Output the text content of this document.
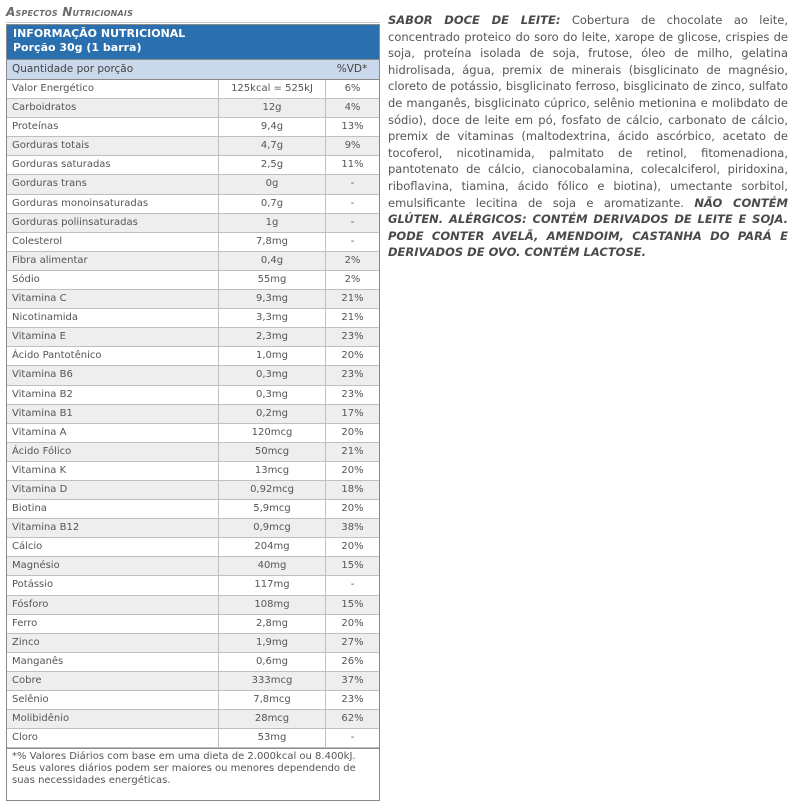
Aspectos Nutricionais
INFORMAÇÃO NUTRICIONAL
Porção 30g (1 barra)
Quantidade por porção	%VD*
Valor Energético	125kcal = 525kJ	6%
Carboidratos	12g	4%
Proteínas	9,4g	13%
Gorduras totais	4,7g	9%
Gorduras saturadas	2,5g	11%
Gorduras trans	0g	-
Gorduras monoinsaturadas	0,7g	-
Gorduras poliinsaturadas	1g	-
Colesterol	7,8mg	-
Fibra alimentar	0,4g	2%
Sódio	55mg	2%
Vitamina C	9,3mg	21%
Nicotinamida	3,3mg	21%
Vitamina E	2,3mg	23%
Ácido Pantotênico	1,0mg	20%
Vitamina B6	0,3mg	23%
Vitamina B2	0,3mg	23%
Vitamina B1	0,2mg	17%
Vitamina A	120mcg	20%
Ácido Fólico	50mcg	21%
Vitamina K	13mcg	20%
Vitamina D	0,92mcg	18%
Biotina	5,9mcg	20%
Vitamina B12	0,9mcg	38%
Cálcio	204mg	20%
Magnésio	40mg	15%
Potássio	117mg	-
Fósforo	108mg	15%
Ferro	2,8mg	20%
Zinco	1,9mg	27%
Manganês	0,6mg	26%
Cobre	333mcg	37%
Selênio	7,8mcg	23%
Molibidênio	28mcg	62%
Cloro	53mg	-
*% Valores Diários com base em uma dieta de 2.000kcal ou 8.400kJ. Seus valores diários podem ser maiores ou menores dependendo de suas necessidades energéticas.
SABOR DOCE DE LEITE: Cobertura de chocolate ao leite, concentrado proteico do soro do leite, xarope de glicose, crispies de soja, proteína isolada de soja, frutose, óleo de milho, gelatina hidrolisada, água, premix de minerais (bisglicinato de magnésio, cloreto de potássio, bisglicinato ferroso, bisglicinato de zinco, sulfato de manganês, bisglicinato cúprico, selênio metionina e molibdato de sódio), doce de leite em pó, fosfato de cálcio, carbonato de cálcio, premix de vitaminas (maltodextrina, ácido ascórbico, acetato de tocoferol, nicotinamida, palmitato de retinol, fitomenadiona, pantotenato de cálcio, cianocobalamina, colecalciferol, piridoxina, riboflavina, tiamina, ácido fólico e biotina), umectante sorbitol, emulsificante lecitina de soja e aromatizante. NÃO CONTÉM GLÚTEN. ALÉRGICOS: CONTÉM DERIVADOS DE LEITE E SOJA. PODE CONTER AVELÃ, AMENDOIM, CASTANHA DO PARÁ E DERIVADOS DE OVO. CONTÉM LACTOSE.
